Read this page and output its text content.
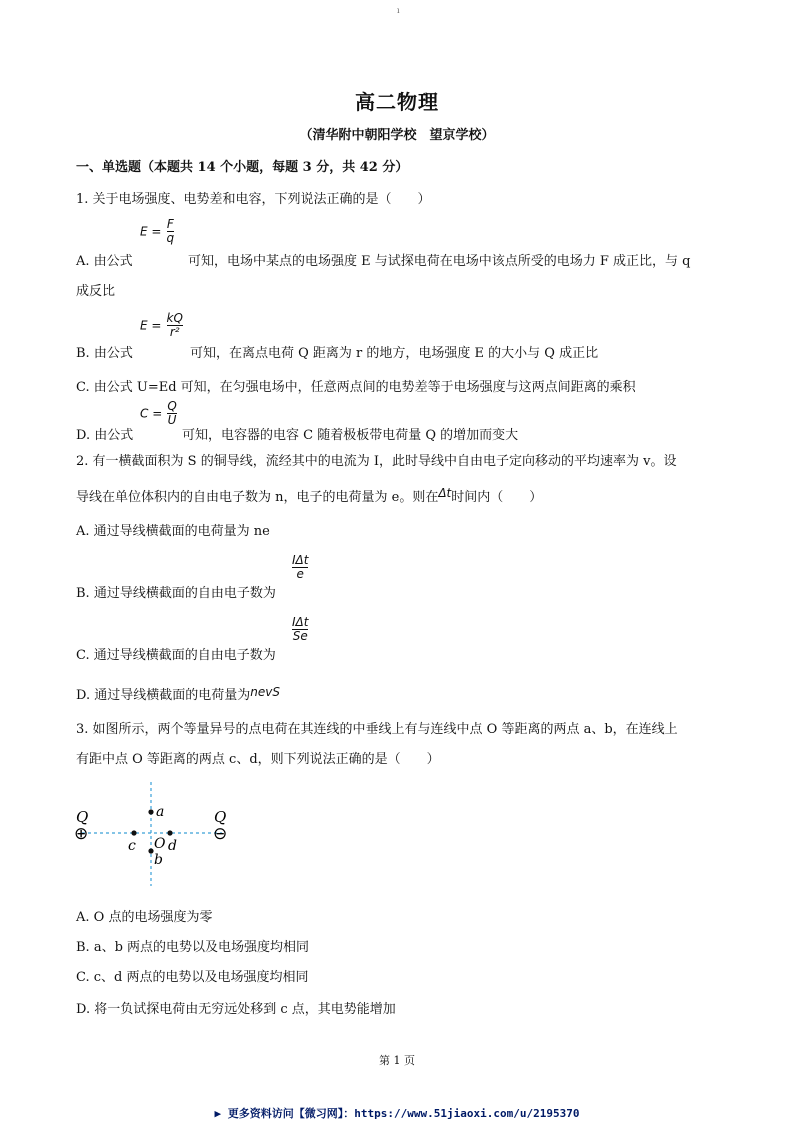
ı
高二物理
（清华附中朝阳学校　望京学校）
一、单选题（本题共 14 个小题，每题 3 分，共 42 分）
1. 关于电场强度、电势差和电容，下列说法正确的是（　　）
A. 由公式
$E = \frac{F}{q}$
可知，电场中某点的电场强度 E 与试探电荷在电场中该点所受的电场力 F 成正比，与 q
成反比
B. 由公式
$E = \frac{kQ}{\text{r²}}$
可知，在离点电荷 Q 距离为 r 的地方，电场强度 E 的大小与 Q 成正比
C. 由公式 U=Ed 可知，在匀强电场中，任意两点间的电势差等于电场强度与这两点间距离的乘积
D. 由公式
$C = \frac{Q}{U}$
可知，电容器的电容 C 随着极板带电荷量 Q 的增加而变大
2. 有一横截面积为 S 的铜导线，流经其中的电流为 I，此时导线中自由电子定向移动的平均速率为 v。设
导线在单位体积内的自由电子数为 n，电子的电荷量为 e。则在Δt时间内（　　）
A. 通过导线横截面的电荷量为 ne
B. 通过导线横截面的自由电子数为
$\frac{\text{IΔt}}{e}$
C. 通过导线横截面的自由电子数为
$\frac{\text{IΔt}}{Se}$
D. 通过导线横截面的电荷量为nevS
3. 如图所示，两个等量异号的点电荷在其连线的中垂线上有与连线中点 O 等距离的两点 a、b，在连线上
有距中点 O 等距离的两点 c、d，则下列说法正确的是（　　）
Q	Q
⊕	⊖
a
b
c d
O
A. O 点的电场强度为零
B. a、b 两点的电势以及电场强度均相同
C. c、d 两点的电势以及电场强度均相同
D. 将一负试探电荷由无穷远处移到 c 点，其电势能增加
第 1 页
▶ 更多资料访问【微习网】：https://www.51jiaoxi.com/u/2195370
